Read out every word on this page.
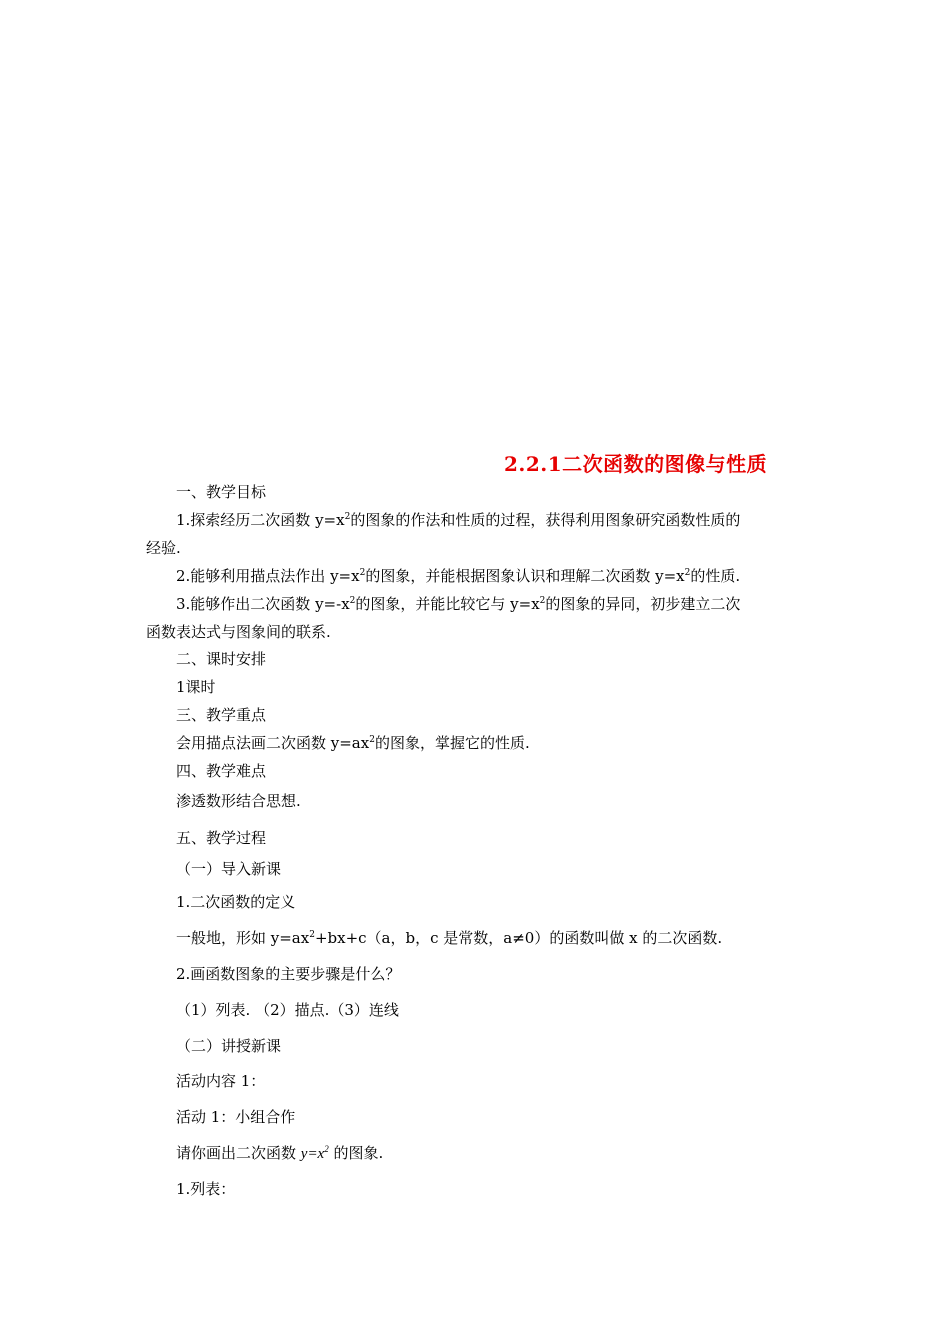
2.2.1二次函数的图像与性质
一、教学目标
1.探索经历二次函数 $y=x^2$的图象的作法和性质的过程，获得利用图象研究函数性质的
经验.
2.能够利用描点法作出 $y=x^2$的图象，并能根据图象认识和理解二次函数 $y=x^2$的性质.
3.能够作出二次函数 $y=-x^2$的图象，并能比较它与 $y=x^2$的图象的异同，初步建立二次
函数表达式与图象间的联系.
二、课时安排
1课时
三、教学重点
会用描点法画二次函数 $y=ax^2$的图象，掌握它的性质.
四、教学难点
渗透数形结合思想.
五、教学过程
（一）导入新课
1.二次函数的定义
一般地，形如 $y=ax^2+bx+c(a$，b，c 是常数，a≠0）的函数叫做 x 的二次函数.
2.画函数图象的主要步骤是什么？
（1）列表. （2）描点.（3）连线
（二）讲授新课
活动内容 1：
活动 1：小组合作
请你画出二次函数 $y=x^2$ 的图象.
1.列表：
